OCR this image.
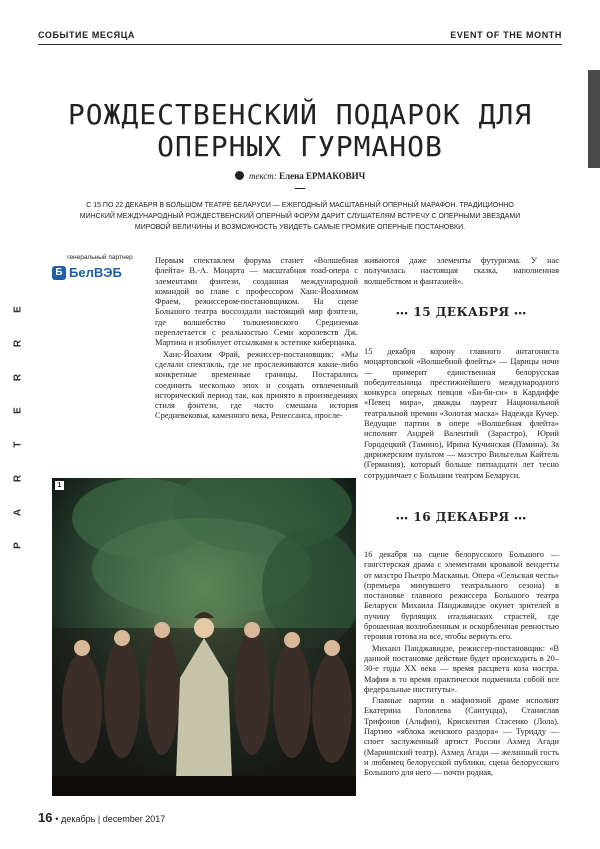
СОБЫТИЕ МЕСЯЦА	EVENT OF THE MONTH
E
R
R
E
T
R
A
P
РОЖДЕСТВЕНСКИЙ ПОДАРОК ДЛЯ ОПЕРНЫХ ГУРМАНОВ
текст: Елена ЕРМАКОВИЧ
С 15 ПО 22 ДЕКАБРЯ В БОЛЬШОМ ТЕАТРЕ БЕЛАРУСИ — ЕЖЕГОДНЫЙ МАСШТАБНЫЙ ОПЕРНЫЙ МАРАФОН. ТРАДИЦИОННО МИНСКИЙ МЕЖДУНАРОДНЫЙ РОЖДЕСТВЕНСКИЙ ОПЕРНЫЙ ФОРУМ ДАРИТ СЛУШАТЕЛЯМ ВСТРЕЧУ С ОПЕРНЫМИ ЗВЕЗДАМИ МИРОВОЙ ВЕЛИЧИНЫ И ВОЗМОЖНОСТЬ УВИДЕТЬ САМЫЕ ГРОМКИЕ ОПЕРНЫЕ ПОСТАНОВКИ.
генеральный партнер
Б БелВЭБ

Первым спектаклем форума станет «Волшебная флейта» В.-А. Моцарта — масштабная road-опера с элементами фэнтези, созданная международной командой во главе с профессором Ханс-Йоахимом Фраем, режиссером-постановщиком. На сцене Большого театра воссоздали настоящий мир фэнтези, где волшебство толкиеновского Средиземья переплетается с реальностью Семи королевств Дж. Мартина и изобилует отсылками к эстетике киберпанка.

Ханс-Йоахим Фрай, режиссер-постановщик: «Мы сделали спектакль, где не прослеживаются какие-либо конкретные временные границы. Постарались соединить несколько эпох и создать отвлеченный исторический период так, как принято в произведениях стиля фэнтези, где часто смешана история Средневековья, каменного века, Ренессанса, просле-

живаются даже элементы футуризма. У нас получилась настоящая сказка, наполненная волшебством и фантазией».

••• 15 ДЕКАБРЯ •••

15 декабря корону главного антагониста моцартовской «Волшебной флейты» — Царицы ночи — примерит единственная белорусская победительница престижнейшего международного конкурса оперных певцов «Би-би-си» в Кардиффе «Певец мира», дважды лауреат Национальной театральной премии «Золотая маска» Надежда Кучер. Ведущие партии в опере «Волшебная флейта» исполнят Андрей Валентий (Зарастро), Юрий Городецкий (Тамино), Ирина Кучинская (Памина). За дирижерским пультом — маэстро Вильгельм Кайтель (Германия), который больше пятнадцати лет тесно сотрудничает с Большим театром Беларуси.

••• 16 ДЕКАБРЯ •••

16 декабря на сцене белорусского Большого — гангстерская драма с элементами кровавой вендетты от маэстро Пьетро Масканьи. Опера «Сельская честь» (премьера минувшего театрального сезона) в постановке главного режиссера Большого театра Беларуси Михаила Панджавидзе окунет зрителей в пучину бурлящих итальянских страстей, где брошенная возлюбленным и оскорбленная ревностью героиня готова на все, чтобы вернуть его.

Михаил Панджавидзе, режиссер-постановщик: «В данной постановке действие будет происходить в 20–30-е годы XX века — время расцвета коза ностра. Мафия в то время практически подменила собой все федеральные институты».

Главные партии в мафиозной драме исполнят Екатерина Головлева (Сантуцца), Станислав Трифонов (Альфио), Крискентия Стасенко (Лола). Партию «яблока женского раздора» — Туридду — споет заслуженный артист России Ахмед Агади (Мариинский театр). Ахмед Агади — желанный гость и любимец белорусской публики, сцена белорусского Большого для него — почти родная,

1
16 • декабрь | december 2017
